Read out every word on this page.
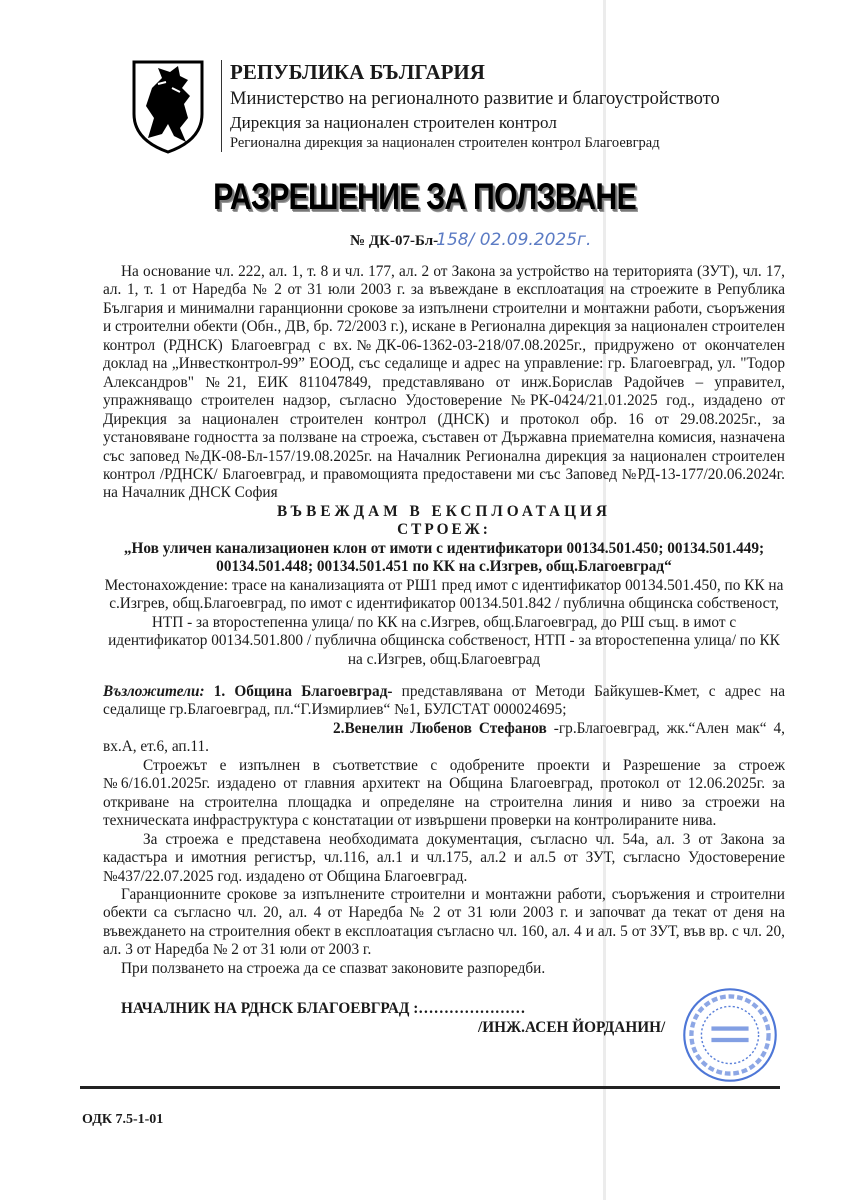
РЕПУБЛИКА БЪЛГАРИЯ
Министерство на регионалното развитие и благоустройството
Дирекция за национален строителен контрол
Регионална дирекция за национален строителен контрол Благоевград
РАЗРЕШЕНИЕ ЗА ПОЛЗВАНЕ
№ ДК-07-Бл-158/ 02.09.2025г.

На основание чл. 222, ал. 1, т. 8 и чл. 177, ал. 2 от Закона за устройство на територията (ЗУТ), чл. 17, ал. 1, т. 1 от Наредба № 2 от 31 юли 2003 г. за въвеждане в експлоатация на строежите в Република България и минимални гаранционни срокове за изпълнени строителни и монтажни работи, съоръжения и строителни обекти (Обн., ДВ, бр. 72/2003 г.), искане в Регионална дирекция за национален строителен контрол (РДНСК) Благоевград с вх.№ДК-06-1362-03-218/07.08.2025г., придружено от окончателен доклад на „Инвестконтрол-99” ЕООД, със седалище и адрес на управление: гр. Благоевград, ул. "Тодор Александров" №21, ЕИК 811047849, представлявано от инж.Борислав Радойчев – управител, упражняващо строителен надзор, съгласно Удостоверение №РК-0424/21.01.2025 год., издадено от Дирекция за национален строителен контрол (ДНСК) и протокол обр. 16 от 29.08.2025г., за установяване годността за ползване на строежа, съставен от Държавна приемателна комисия, назначена със заповед №ДК-08-Бл-157/19.08.2025г. на Началник Регионална дирекция за национален строителен контрол /РДНСК/ Благоевград, и правомощията предоставени ми със Заповед №РД-13-177/20.06.2024г. на Началник ДНСК София

ВЪВЕЖДАМ В ЕКСПЛОАТАЦИЯ

СТРОЕЖ:

„Нов уличен канализационен клон от имоти с идентификатори 00134.501.450; 00134.501.449; 00134.501.448; 00134.501.451 по КК на с.Изгрев, общ.Благоевград“

Местонахождение: трасе на канализацията от РШ1 пред имот с идентификатор 00134.501.450, по КК на с.Изгрев, общ.Благоевград, по имот с идентификатор 00134.501.842 / публична общинска собственост, НТП - за второстепенна улица/ по КК на с.Изгрев, общ.Благоевград, до РШ същ. в имот с идентификатор 00134.501.800 / публична общинска собственост, НТП - за второстепенна улица/ по КК на с.Изгрев, общ.Благоевград

Възложители: 1. Община Благоевград- представлявана от Методи Байкушев-Кмет, с адрес на седалище гр.Благоевград, пл.“Г.Измирлиев“ №1, БУЛСТАТ 000024695;

2.Венелин Любенов Стефанов -гр.Благоевград, жк.“Ален мак“ 4, вх.А, ет.6, ап.11.

Строежът е изпълнен в съответствие с одобрените проекти и Разрешение за строеж №6/16.01.2025г. издадено от главния архитект на Община Благоевград, протокол от 12.06.2025г. за откриване на строителна площадка и определяне на строителна линия и ниво за строежи на техническата инфраструктура с констатации от извършени проверки на контролираните нива.

За строежа е представена необходимата документация, съгласно чл. 54а, ал. 3 от Закона за кадастъра и имотния регистър, чл.116, ал.1 и чл.175, ал.2 и ал.5 от ЗУТ, съгласно Удостоверение №437/22.07.2025 год. издадено от Община Благоевград.

Гаранционните срокове за изпълнените строителни и монтажни работи, съоръжения и строителни обекти са съгласно чл. 20, ал. 4 от Наредба № 2 от 31 юли 2003 г. и започват да текат от деня на въвеждането на строителния обект в експлоатация съгласно чл. 160, ал. 4 и ал. 5 от ЗУТ, във вр. с чл. 20, ал. 3 от Наредба № 2 от 31 юли от 2003 г.

При ползването на строежа да се спазват законовите разпоредби.

НАЧАЛНИК НА РДНСК БЛАГОЕВГРАД :…………………

/ИНЖ.АСЕН ЙОРДАНИН/

ОДК 7.5-1-01
